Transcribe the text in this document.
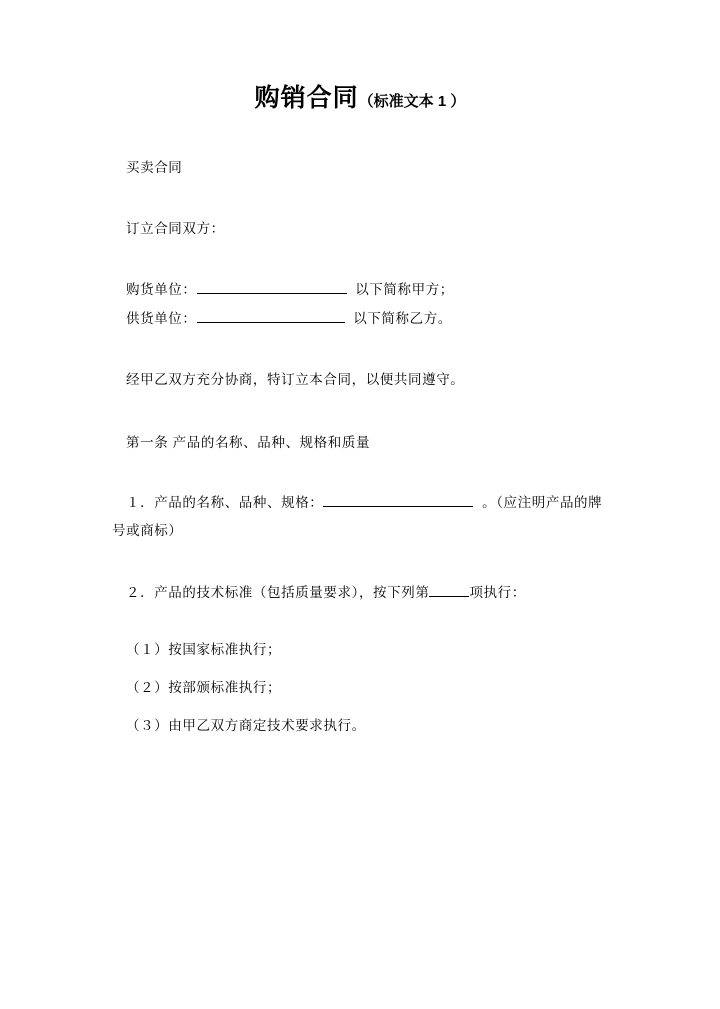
购销合同（标准文本 1 ）

买卖合同

订立合同双方：

购货单位：	以下简称甲方；

供货单位：	以下简称乙方。

经甲乙双方充分协商，特订立本合同，以便共同遵守。

第一条 产品的名称、品种、规格和质量

１．产品的名称、品种、规格：	。（应注明产品的牌

号或商标）

２．产品的技术标准（包括质量要求），按下列第	项执行：

（１）按国家标准执行；

（２）按部颁标准执行；

（３）由甲乙双方商定技术要求执行。
